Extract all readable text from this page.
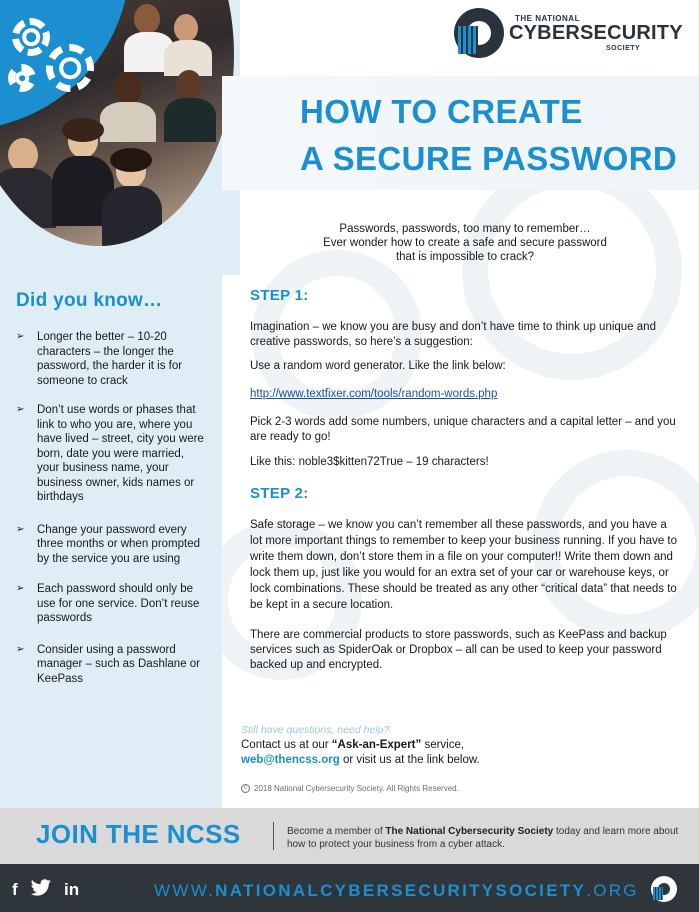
Did you know…
➢ Longer the better – 10-20 characters – the longer the password, the harder it is for someone to crack
➢ Don’t use words or phases that link to who you are, where you have lived – street, city you were born, date you were married, your business name, your business owner, kids names or birthdays
➢ Change your password every three months or when prompted by the service you are using
➢ Each password should only be use for one service. Don’t reuse passwords
➢ Consider using a password manager – such as Dashlane or KeePass
THE NATIONAL
CYBERSECURITY
SOCIETY
HOW TO CREATE
A SECURE PASSWORD
Passwords, passwords, too many to remember…
Ever wonder how to create a safe and secure password
that is impossible to crack?
STEP 1:
Imagination – we know you are busy and don’t have time to think up unique and creative passwords, so here’s a suggestion:
Use a random word generator. Like the link below:
http://www.textfixer.com/tools/random-words.php
Pick 2-3 words add some numbers, unique characters and a capital letter – and you are ready to go!
Like this: noble3$kitten72True – 19 characters!
STEP 2:
Safe storage – we know you can’t remember all these passwords, and you have a lot more important things to remember to keep your business running. If you have to write them down, don’t store them in a file on your computer!! Write them down and lock them up, just like you would for an extra set of your car or warehouse keys, or lock combinations. These should be treated as any other “critical data” that needs to be kept in a secure location.
There are commercial products to store passwords, such as KeePass and backup services such as SpiderOak or Dropbox – all can be used to keep your password backed up and encrypted.
Still have questions, need help?
Contact us at our “Ask-an-Expert” service,
web@thencss.org or visit us at the link below.
c 2018 National Cybersecurity Society. All Rights Reserved.
JOIN THE NCSS	Become a member of The National Cybersecurity Society today and learn more about how to protect your business from a cyber attack.
f	in	WWW.NATIONALCYBERSECURITYSOCIETY.ORG
